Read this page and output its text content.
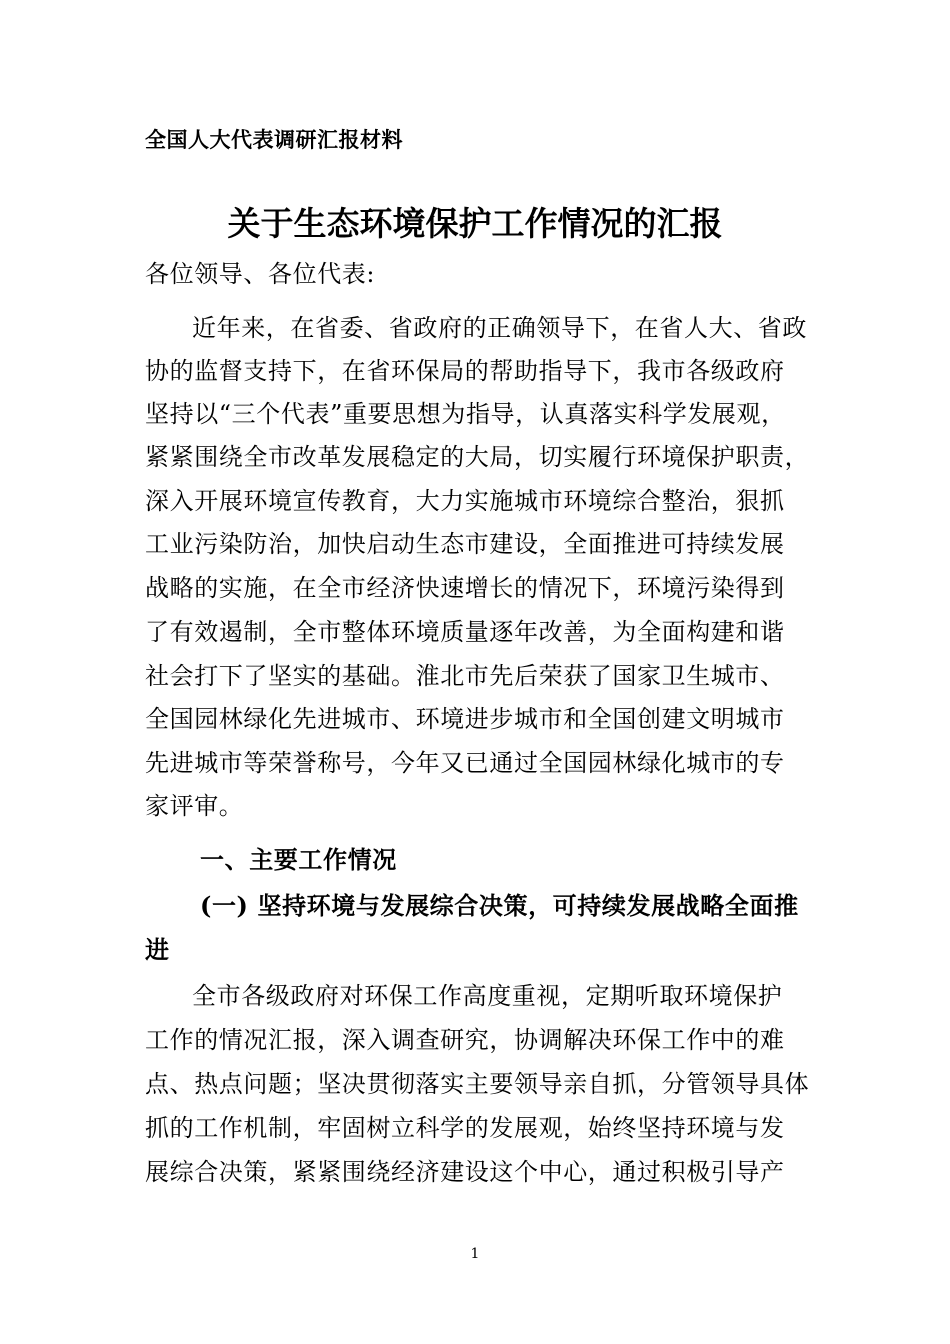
全国人大代表调研汇报材料
关于生态环境保护工作情况的汇报
各位领导、各位代表:
近年来，在省委、省政府的正确领导下，在省人大、省政
协的监督支持下，在省环保局的帮助指导下，我市各级政府
坚持以“三个代表”重要思想为指导，认真落实科学发展观，
紧紧围绕全市改革发展稳定的大局，切实履行环境保护职责，
深入开展环境宣传教育，大力实施城市环境综合整治，狠抓
工业污染防治，加快启动生态市建设，全面推进可持续发展
战略的实施，在全市经济快速增长的情况下，环境污染得到
了有效遏制，全市整体环境质量逐年改善，为全面构建和谐
社会打下了坚实的基础。淮北市先后荣获了国家卫生城市、
全国园林绿化先进城市、环境进步城市和全国创建文明城市
先进城市等荣誉称号，今年又已通过全国园林绿化城市的专
家评审。
一、主要工作情况
(一) 坚持环境与发展综合决策，可持续发展战略全面推
进
全市各级政府对环保工作高度重视，定期听取环境保护
工作的情况汇报，深入调查研究，协调解决环保工作中的难
点、热点问题；坚决贯彻落实主要领导亲自抓，分管领导具体
抓的工作机制，牢固树立科学的发展观，始终坚持环境与发
展综合决策，紧紧围绕经济建设这个中心，通过积极引导产
1
